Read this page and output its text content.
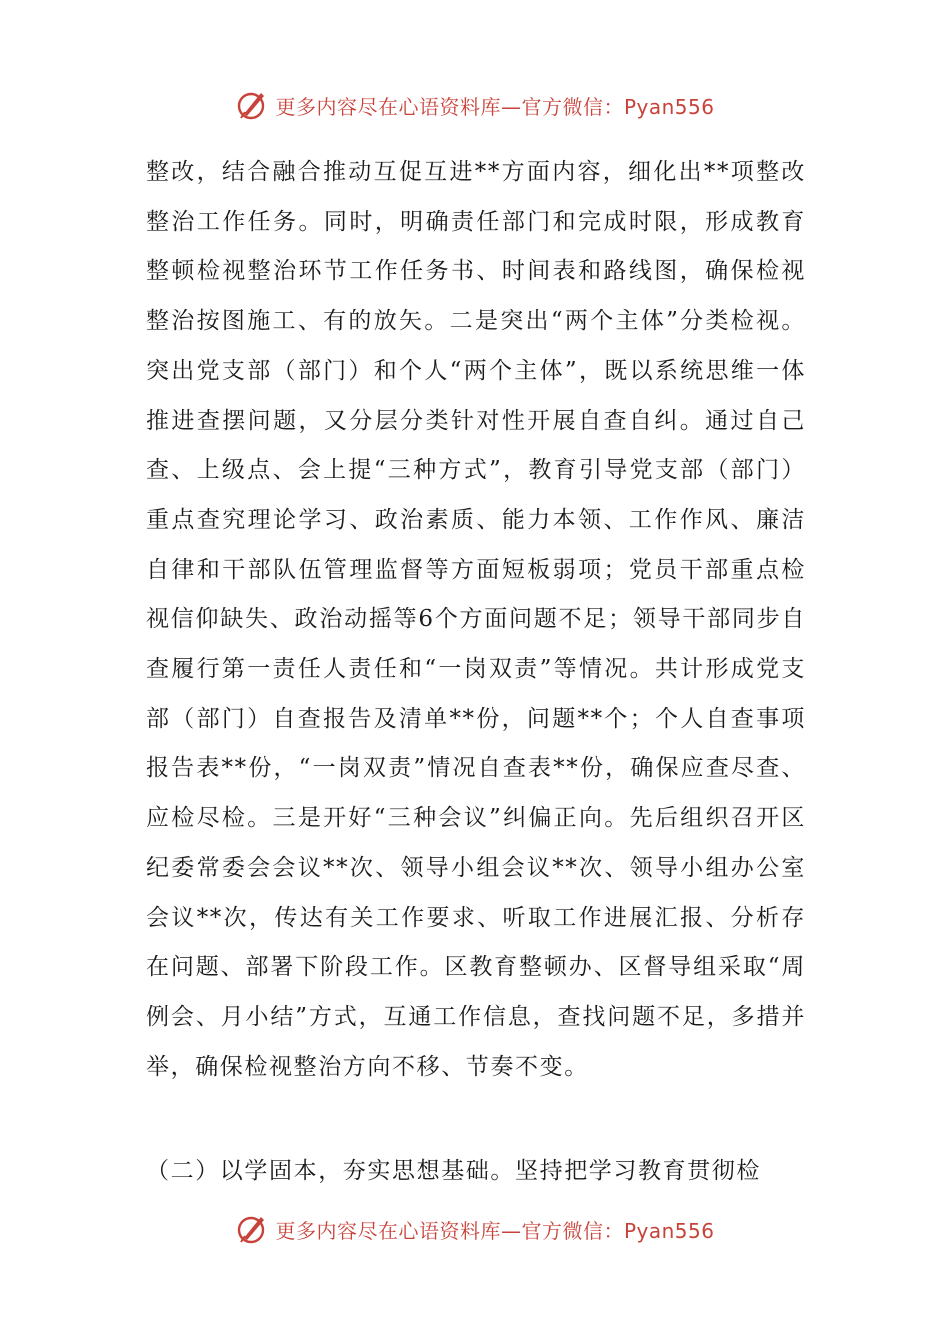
更多内容尽在心语资料库—官方微信：Pyan556

整改，结合融合推动互促互进**方面内容，细化出**项整改整治工作任务。同时，明确责任部门和完成时限，形成教育整顿检视整治环节工作任务书、时间表和路线图，确保检视整治按图施工、有的放矢。二是突出“两个主体”分类检视。突出党支部（部门）和个人“两个主体”，既以系统思维一体推进查摆问题，又分层分类针对性开展自查自纠。通过自己查、上级点、会上提“三种方式”，教育引导党支部（部门）重点查究理论学习、政治素质、能力本领、工作作风、廉洁自律和干部队伍管理监督等方面短板弱项；党员干部重点检视信仰缺失、政治动摇等6个方面问题不足；领导干部同步自查履行第一责任人责任和“一岗双责”等情况。共计形成党支部（部门）自查报告及清单**份，问题**个；个人自查事项报告表**份，“一岗双责”情况自查表**份，确保应查尽查、应检尽检。三是开好“三种会议”纠偏正向。先后组织召开区纪委常委会会议**次、领导小组会议**次、领导小组办公室会议**次，传达有关工作要求、听取工作进展汇报、分析存在问题、部署下阶段工作。区教育整顿办、区督导组采取“周例会、月小结”方式，互通工作信息，查找问题不足，多措并举，确保检视整治方向不移、节奏不变。

（二）以学固本，夯实思想基础。坚持把学习教育贯彻检
更多内容尽在心语资料库—官方微信：Pyan556
